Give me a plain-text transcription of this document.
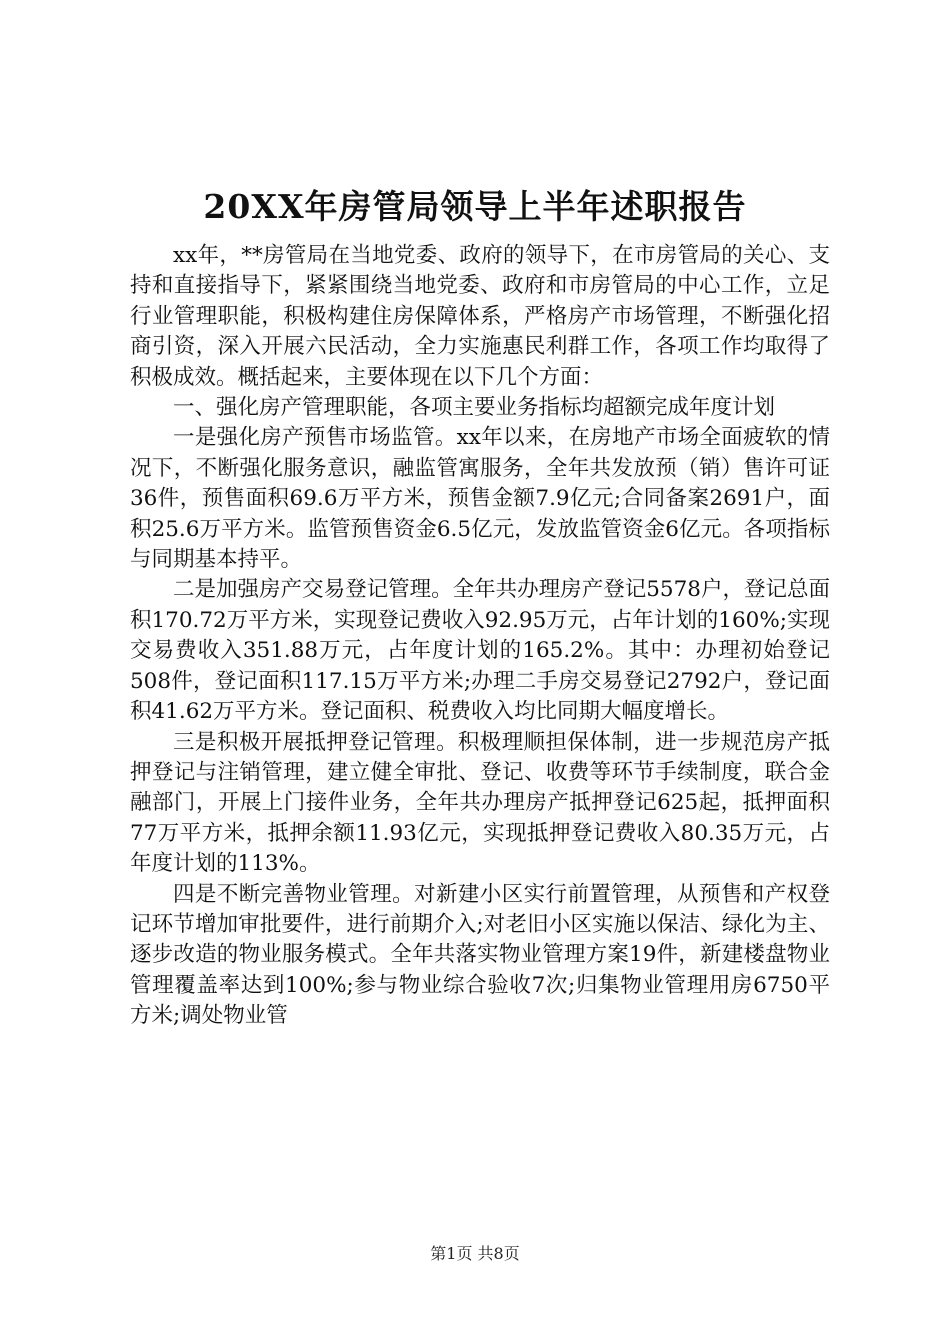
20XX年房管局领导上半年述职报告

xx年，**房管局在当地党委、政府的领导下，在市房管局的关心、支持和直接指导下，紧紧围绕当地党委、政府和市房管局的中心工作，立足行业管理职能，积极构建住房保障体系，严格房产市场管理，不断强化招商引资，深入开展六民活动，全力实施惠民利群工作，各项工作均取得了积极成效。概括起来，主要体现在以下几个方面：

一、强化房产管理职能，各项主要业务指标均超额完成年度计划

一是强化房产预售市场监管。xx年以来，在房地产市场全面疲软的情况下，不断强化服务意识，融监管寓服务，全年共发放预（销）售许可证36件，预售面积69.6万平方米，预售金额7.9亿元;合同备案2691户，面积25.6万平方米。监管预售资金6.5亿元，发放监管资金6亿元。各项指标与同期基本持平。

二是加强房产交易登记管理。全年共办理房产登记5578户，登记总面积170.72万平方米，实现登记费收入92.95万元，占年计划的160%;实现交易费收入351.88万元，占年度计划的165.2%。其中：办理初始登记508件，登记面积117.15万平方米;办理二手房交易登记2792户，登记面积41.62万平方米。登记面积、税费收入均比同期大幅度增长。

三是积极开展抵押登记管理。积极理顺担保体制，进一步规范房产抵押登记与注销管理，建立健全审批、登记、收费等环节手续制度，联合金融部门，开展上门接件业务，全年共办理房产抵押登记625起，抵押面积77万平方米，抵押余额11.93亿元，实现抵押登记费收入80.35万元，占年度计划的113%。

四是不断完善物业管理。对新建小区实行前置管理，从预售和产权登记环节增加审批要件，进行前期介入;对老旧小区实施以保洁、绿化为主、逐步改造的物业服务模式。全年共落实物业管理方案19件，新建楼盘物业管理覆盖率达到100%;参与物业综合验收7次;归集物业管理用房6750平方米;调处物业管

第1页 共8页
